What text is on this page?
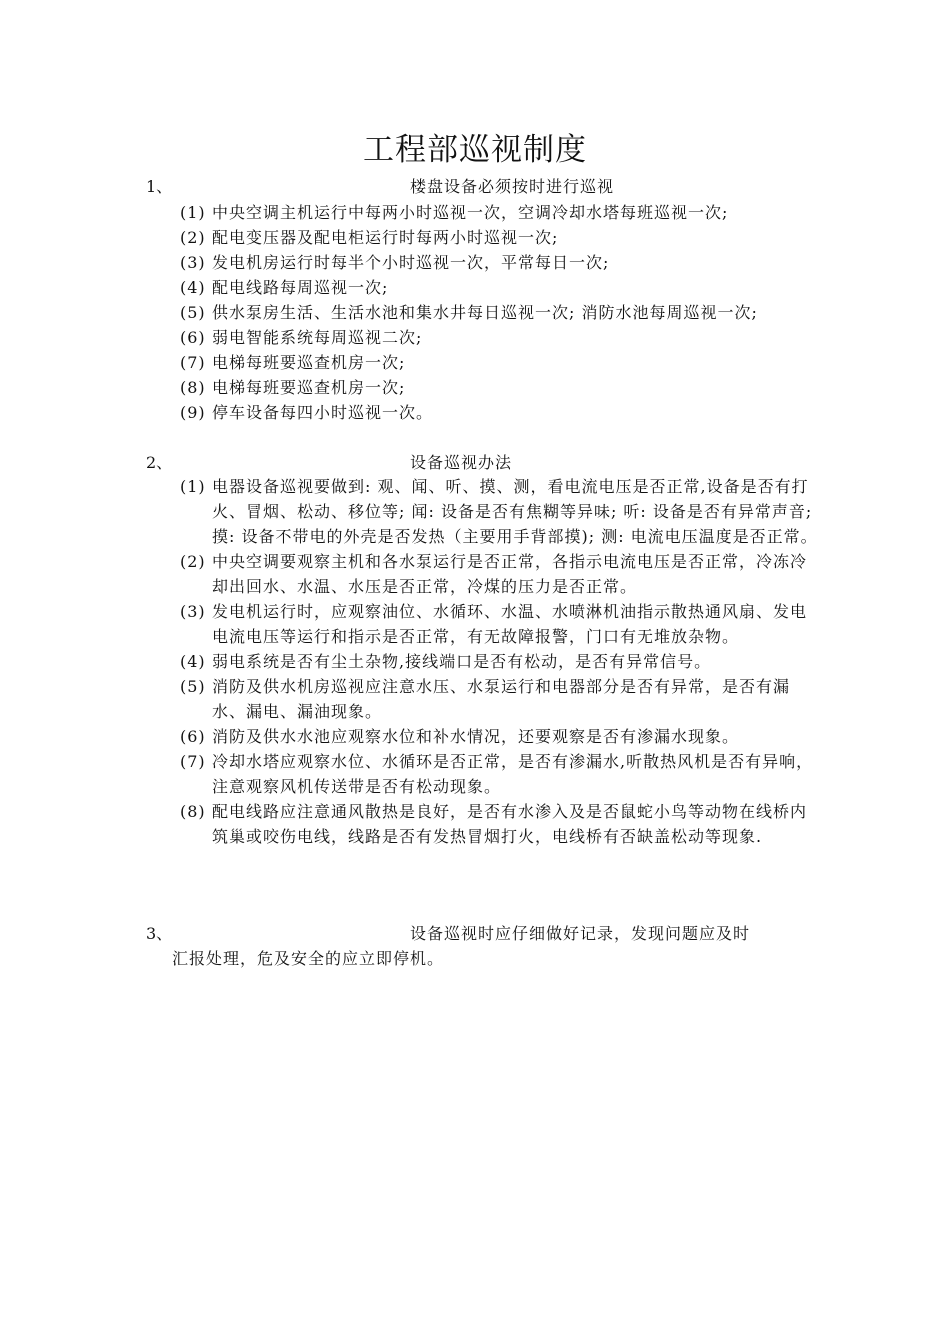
工程部巡视制度
1、	楼盘设备必须按时进行巡视
(1) 中央空调主机运行中每两小时巡视一次，空调冷却水塔每班巡视一次;
(2) 配电变压器及配电柜运行时每两小时巡视一次;
(3) 发电机房运行时每半个小时巡视一次，平常每日一次;
(4) 配电线路每周巡视一次;
(5) 供水泵房生活、生活水池和集水井每日巡视一次; 消防水池每周巡视一次;
(6) 弱电智能系统每周巡视二次;
(7) 电梯每班要巡查机房一次;
(8) 电梯每班要巡查机房一次;
(9) 停车设备每四小时巡视一次。
2、	设备巡视办法
(1) 电器设备巡视要做到: 观、闻、听、摸、测，看电流电压是否正常,设备是否有打火、冒烟、松动、移位等; 闻: 设备是否有焦糊等异味; 听: 设备是否有异常声音; 摸: 设备不带电的外壳是否发热（主要用手背部摸); 测: 电流电压温度是否正常。
(2) 中央空调要观察主机和各水泵运行是否正常，各指示电流电压是否正常，冷冻冷却出回水、水温、水压是否正常，冷煤的压力是否正常。
(3) 发电机运行时，应观察油位、水循环、水温、水喷淋机油指示散热通风扇、发电电流电压等运行和指示是否正常，有无故障报警，门口有无堆放杂物。
(4) 弱电系统是否有尘土杂物,接线端口是否有松动，是否有异常信号。
(5) 消防及供水机房巡视应注意水压、水泵运行和电器部分是否有异常，是否有漏水、漏电、漏油现象。
(6) 消防及供水水池应观察水位和补水情况，还要观察是否有渗漏水现象。
(7) 冷却水塔应观察水位、水循环是否正常，是否有渗漏水,听散热风机是否有异响，注意观察风机传送带是否有松动现象。
(8) 配电线路应注意通风散热是良好，是否有水渗入及是否鼠蛇小鸟等动物在线桥内筑巢或咬伤电线，线路是否有发热冒烟打火，电线桥有否缺盖松动等现象.
3、	设备巡视时应仔细做好记录，发现问题应及时
汇报处理，危及安全的应立即停机。
